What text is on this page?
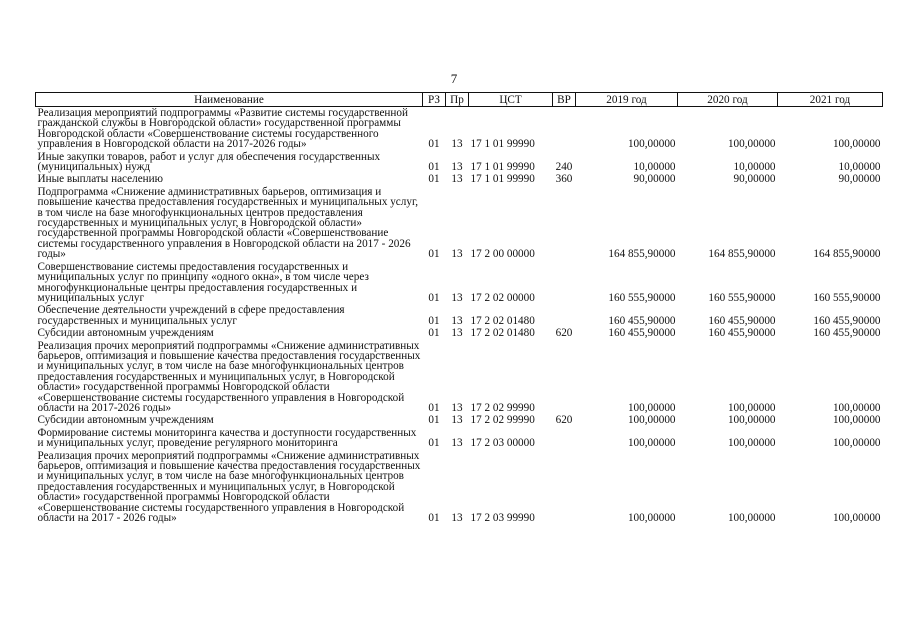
7
Наименование	РЗ	Пр	ЦСТ	ВР	2019 год	2020 год	2021 год

Реализация мероприятий подпрограммы «Развитие системы государственной гражданской службы в Новгородской области» государственной программы Новгородской области «Совершенствование системы государственного управления в Новгородской области на 2017-2026 годы»	01	13	17 1 01 99990		100,00000	100,00000	100,00000

Иные закупки товаров, работ и услуг для обеспечения государственных (муниципальных) нужд	01	13	17 1 01 99990	240	10,00000	10,00000	10,00000

Иные выплаты населению	01	13	17 1 01 99990	360	90,00000	90,00000	90,00000

Подпрограмма «Снижение административных барьеров, оптимизация и повышение качества предоставления государственных и муниципальных услуг, в том числе на базе многофункциональных центров предоставления государственных и муниципальных услуг, в Новгородской области» государственной программы Новгородской области «Совершенствование системы государственного управления в Новгородской области на 2017 - 2026 годы»	01	13	17 2 00 00000		164 855,90000	164 855,90000	164 855,90000

Совершенствование системы предоставления государственных и муниципальных услуг по принципу «одного окна», в том числе через многофункциональные центры предоставления государственных и муниципальных услуг	01	13	17 2 02 00000		160 555,90000	160 555,90000	160 555,90000

Обеспечение деятельности учреждений в сфере предоставления государственных и муниципальных услуг	01	13	17 2 02 01480		160 455,90000	160 455,90000	160 455,90000

Субсидии автономным учреждениям	01	13	17 2 02 01480	620	160 455,90000	160 455,90000	160 455,90000

Реализация прочих мероприятий подпрограммы «Снижение административных барьеров, оптимизация и повышение качества предоставления государственных и муниципальных услуг, в том числе на базе многофункциональных центров предоставления государственных и муниципальных услуг, в Новгородской области» государственной программы Новгородской области «Совершенствование системы государственного управления в Новгородской области на 2017-2026 годы»	01	13	17 2 02 99990		100,00000	100,00000	100,00000

Субсидии автономным учреждениям	01	13	17 2 02 99990	620	100,00000	100,00000	100,00000

Формирование системы мониторинга качества и доступности государственных и муниципальных услуг, проведение регулярного мониторинга	01	13	17 2 03 00000		100,00000	100,00000	100,00000

Реализация прочих мероприятий подпрограммы «Снижение административных барьеров, оптимизация и повышение качества предоставления государственных и муниципальных услуг, в том числе на базе многофункциональных центров предоставления государственных и муниципальных услуг, в Новгородской области» государственной программы Новгородской области «Совершенствование системы государственного управления в Новгородской области на 2017 - 2026 годы»	01	13	17 2 03 99990		100,00000	100,00000	100,00000
